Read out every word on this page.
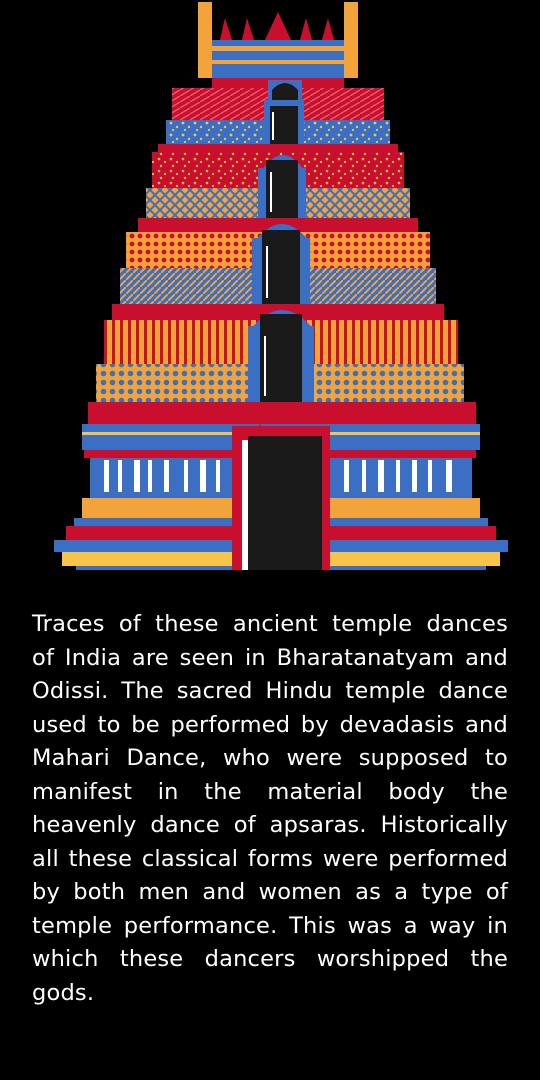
Traces of these ancient temple dances of India are seen in Bharatanatyam and Odissi. The sacred Hindu temple dance used to be performed by devadasis and Mahari Dance, who were supposed to manifest in the material body the heavenly dance of apsaras. Historically all these classical forms were performed by both men and women as a type of temple performance. This was a way in which these dancers worshipped the gods.
